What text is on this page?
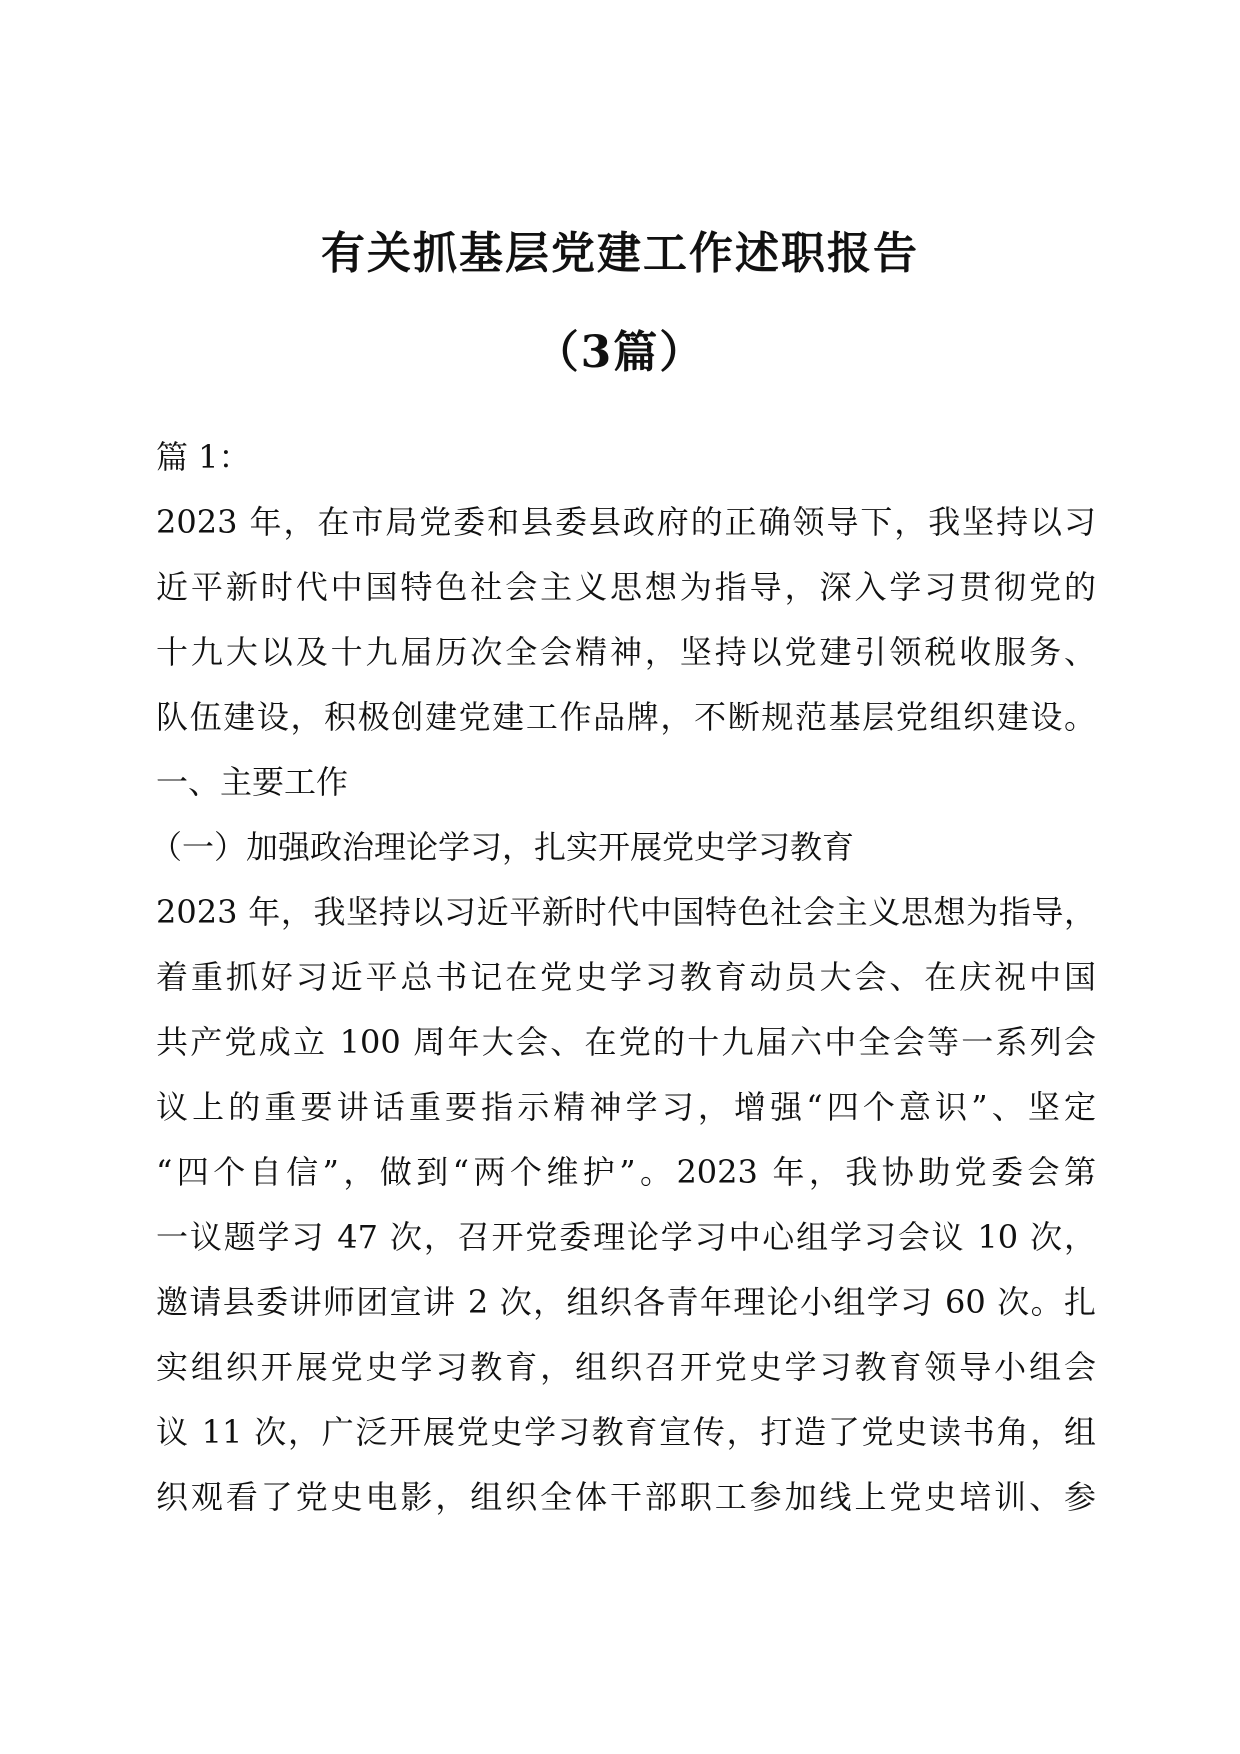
有关抓基层党建工作述职报告
（3篇）
篇 1：
2023 年，在市局党委和县委县政府的正确领导下，我坚持以习
近平新时代中国特色社会主义思想为指导，深入学习贯彻党的
十九大以及十九届历次全会精神，坚持以党建引领税收服务、
队伍建设，积极创建党建工作品牌，不断规范基层党组织建设。
一、主要工作
（一）加强政治理论学习，扎实开展党史学习教育
2023 年，我坚持以习近平新时代中国特色社会主义思想为指导，
着重抓好习近平总书记在党史学习教育动员大会、在庆祝中国
共产党成立 100 周年大会、在党的十九届六中全会等一系列会
议上的重要讲话重要指示精神学习，增强“四个意识”、坚定
“四个自信”，做到“两个维护”。2023 年，我协助党委会第
一议题学习 47 次，召开党委理论学习中心组学习会议 10 次，
邀请县委讲师团宣讲 2 次，组织各青年理论小组学习 60 次。扎
实组织开展党史学习教育，组织召开党史学习教育领导小组会
议 11 次，广泛开展党史学习教育宣传，打造了党史读书角，组
织观看了党史电影，组织全体干部职工参加线上党史培训、参
